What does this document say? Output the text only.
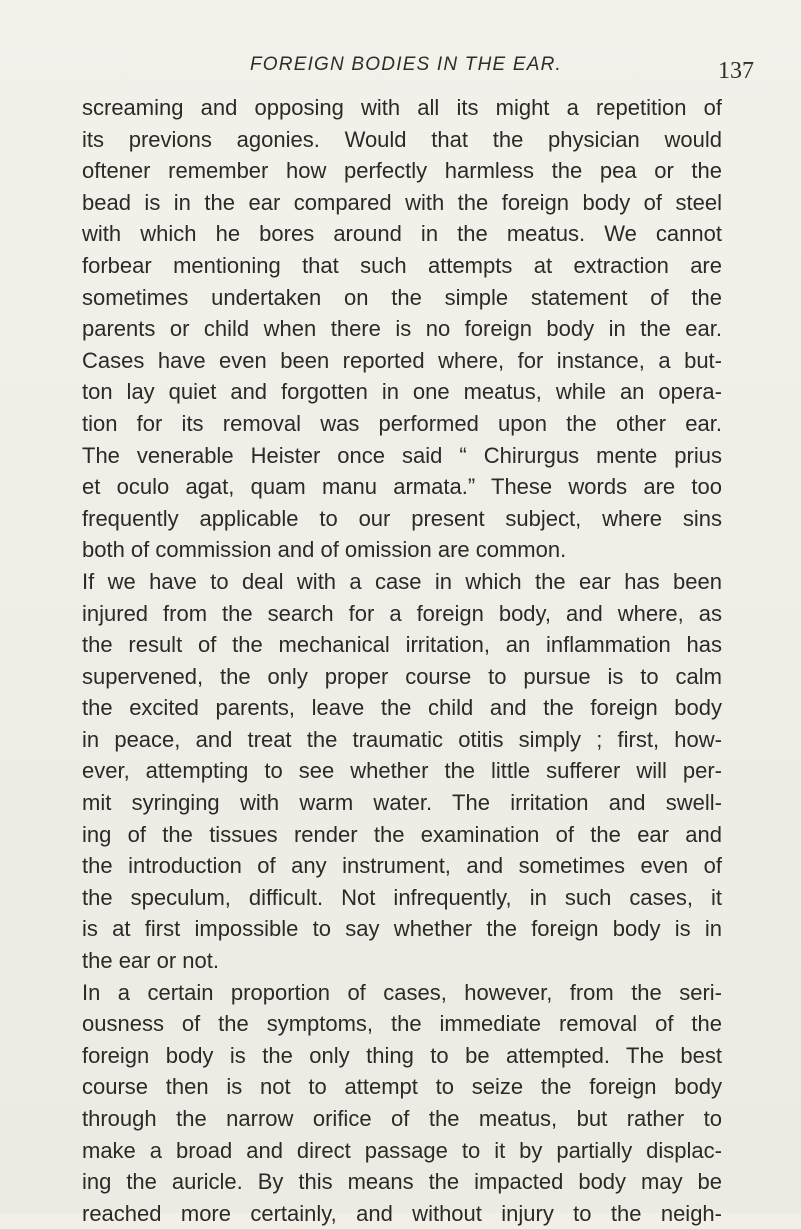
FOREIGN BODIES IN THE EAR.	137
screaming and opposing with all its might a repetition of
its previons agonies. Would that the physician would
oftener remember how perfectly harmless the pea or the
bead is in the ear compared with the foreign body of steel
with which he bores around in the meatus. We cannot
forbear mentioning that such attempts at extraction are
sometimes undertaken on the simple statement of the
parents or child when there is no foreign body in the ear.
Cases have even been reported where, for instance, a but-
ton lay quiet and forgotten in one meatus, while an opera-
tion for its removal was performed upon the other ear.
The venerable Heister once said “ Chirurgus mente prius
et oculo agat, quam manu armata.” These words are too
frequently applicable to our present subject, where sins
both of commission and of omission are common.
If we have to deal with a case in which the ear has been
injured from the search for a foreign body, and where, as
the result of the mechanical irritation, an inflammation has
supervened, the only proper course to pursue is to calm
the excited parents, leave the child and the foreign body
in peace, and treat the traumatic otitis simply ; first, how-
ever, attempting to see whether the little sufferer will per-
mit syringing with warm water. The irritation and swell-
ing of the tissues render the examination of the ear and
the introduction of any instrument, and sometimes even of
the speculum, difficult. Not infrequently, in such cases, it
is at first impossible to say whether the foreign body is in
the ear or not.
In a certain proportion of cases, however, from the seri-
ousness of the symptoms, the immediate removal of the
foreign body is the only thing to be attempted. The best
course then is not to attempt to seize the foreign body
through the narrow orifice of the meatus, but rather to
make a broad and direct passage to it by partially displac-
ing the auricle. By this means the impacted body may be
reached more certainly, and without injury to the neigh-
